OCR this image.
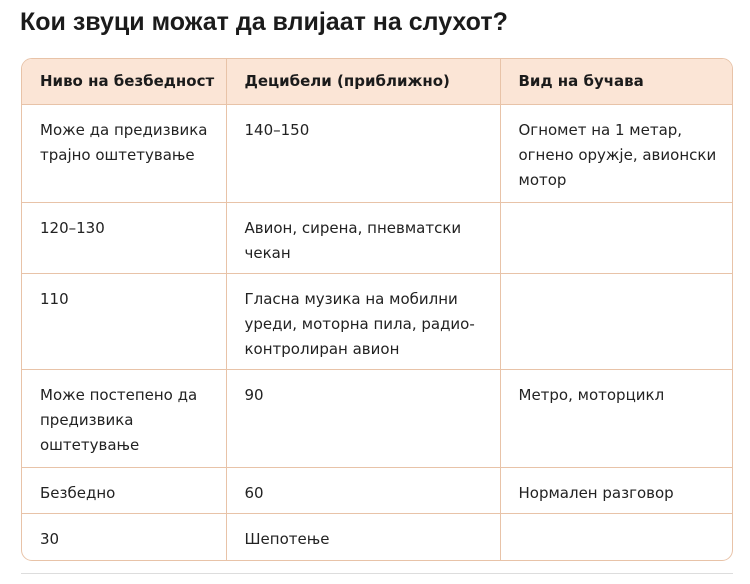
Кои звуци можат да влијаат на слухот?
Ниво на безбедност	Децибели (приближно)	Вид на бучава
Може да предизвика трајно оштетување	140–150	Огномет на 1 метар, огнено оружје, авионски мотор
120–130	Авион, сирена, пневматски чекан	
110	Гласна музика на мобилни уреди, моторна пила, радио-контролиран авион	
Може постепено да предизвика оштетување	90	Метро, моторцикл
Безбедно	60	Нормален разговор
30	Шепотење	
